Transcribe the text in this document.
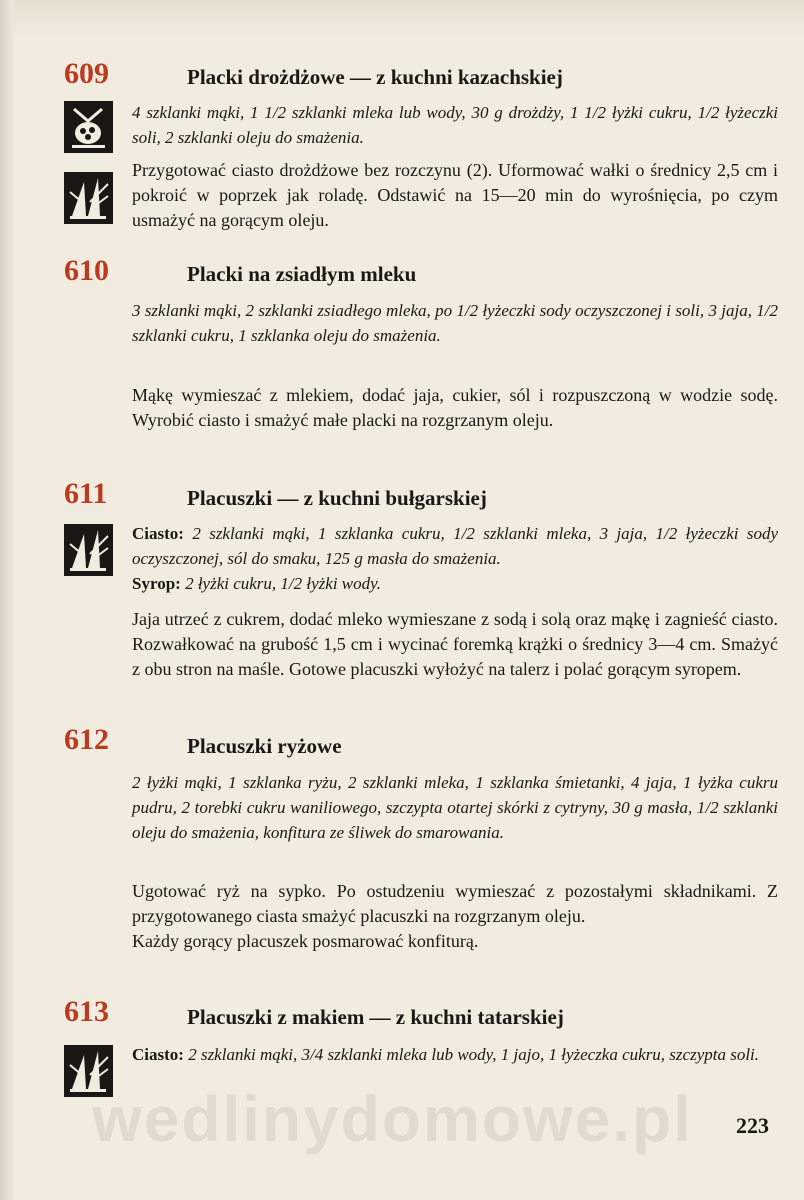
609	Placki drożdżowe — z kuchni kazachskiej

4 szklanki mąki, 1 1/2 szklanki mleka lub wody, 30 g drożdży, 1 1/2 łyżki cukru, 1/2 łyżeczki soli, 2 szklanki oleju do smażenia.

Przygotować ciasto drożdżowe bez rozczynu (2). Uformować wałki o średnicy 2,5 cm i pokroić w poprzek jak roladę. Odstawić na 15—20 min do wyrośnięcia, po czym usmażyć na gorącym oleju.

610	Placki na zsiadłym mleku

3 szklanki mąki, 2 szklanki zsiadłego mleka, po 1/2 łyżeczki sody oczyszczonej i soli, 3 jaja, 1/2 szklanki cukru, 1 szklanka oleju do smażenia.

Mąkę wymieszać z mlekiem, dodać jaja, cukier, sól i rozpuszczoną w wodzie sodę. Wyrobić ciasto i smażyć małe placki na rozgrzanym oleju.

611	Placuszki — z kuchni bułgarskiej

Ciasto: 2 szklanki mąki, 1 szklanka cukru, 1/2 szklanki mleka, 3 jaja, 1/2 łyżeczki sody oczyszczonej, sól do smaku, 125 g masła do smażenia.

Syrop: 2 łyżki cukru, 1/2 łyżki wody.

Jaja utrzeć z cukrem, dodać mleko wymieszane z sodą i solą oraz mąkę i zagnieść ciasto. Rozwałkować na grubość 1,5 cm i wycinać foremką krążki o średnicy 3—4 cm. Smażyć z obu stron na maśle. Gotowe placuszki wyłożyć na talerz i polać gorącym syropem.

612	Placuszki ryżowe

2 łyżki mąki, 1 szklanka ryżu, 2 szklanki mleka, 1 szklanka śmietanki, 4 jaja, 1 łyżka cukru pudru, 2 torebki cukru waniliowego, szczypta otartej skórki z cytryny, 30 g masła, 1/2 szklanki oleju do smażenia, konfitura ze śliwek do smarowania.

Ugotować ryż na sypko. Po ostudzeniu wymieszać z pozostałymi składnikami. Z przygotowanego ciasta smażyć placuszki na rozgrzanym oleju.

Każdy gorący placuszek posmarować konfiturą.

613	Placuszki z makiem — z kuchni tatarskiej

Ciasto: 2 szklanki mąki, 3/4 szklanki mleka lub wody, 1 jajo, 1 łyżeczka cukru, szczypta soli.

wedlinydomowe.pl 223
